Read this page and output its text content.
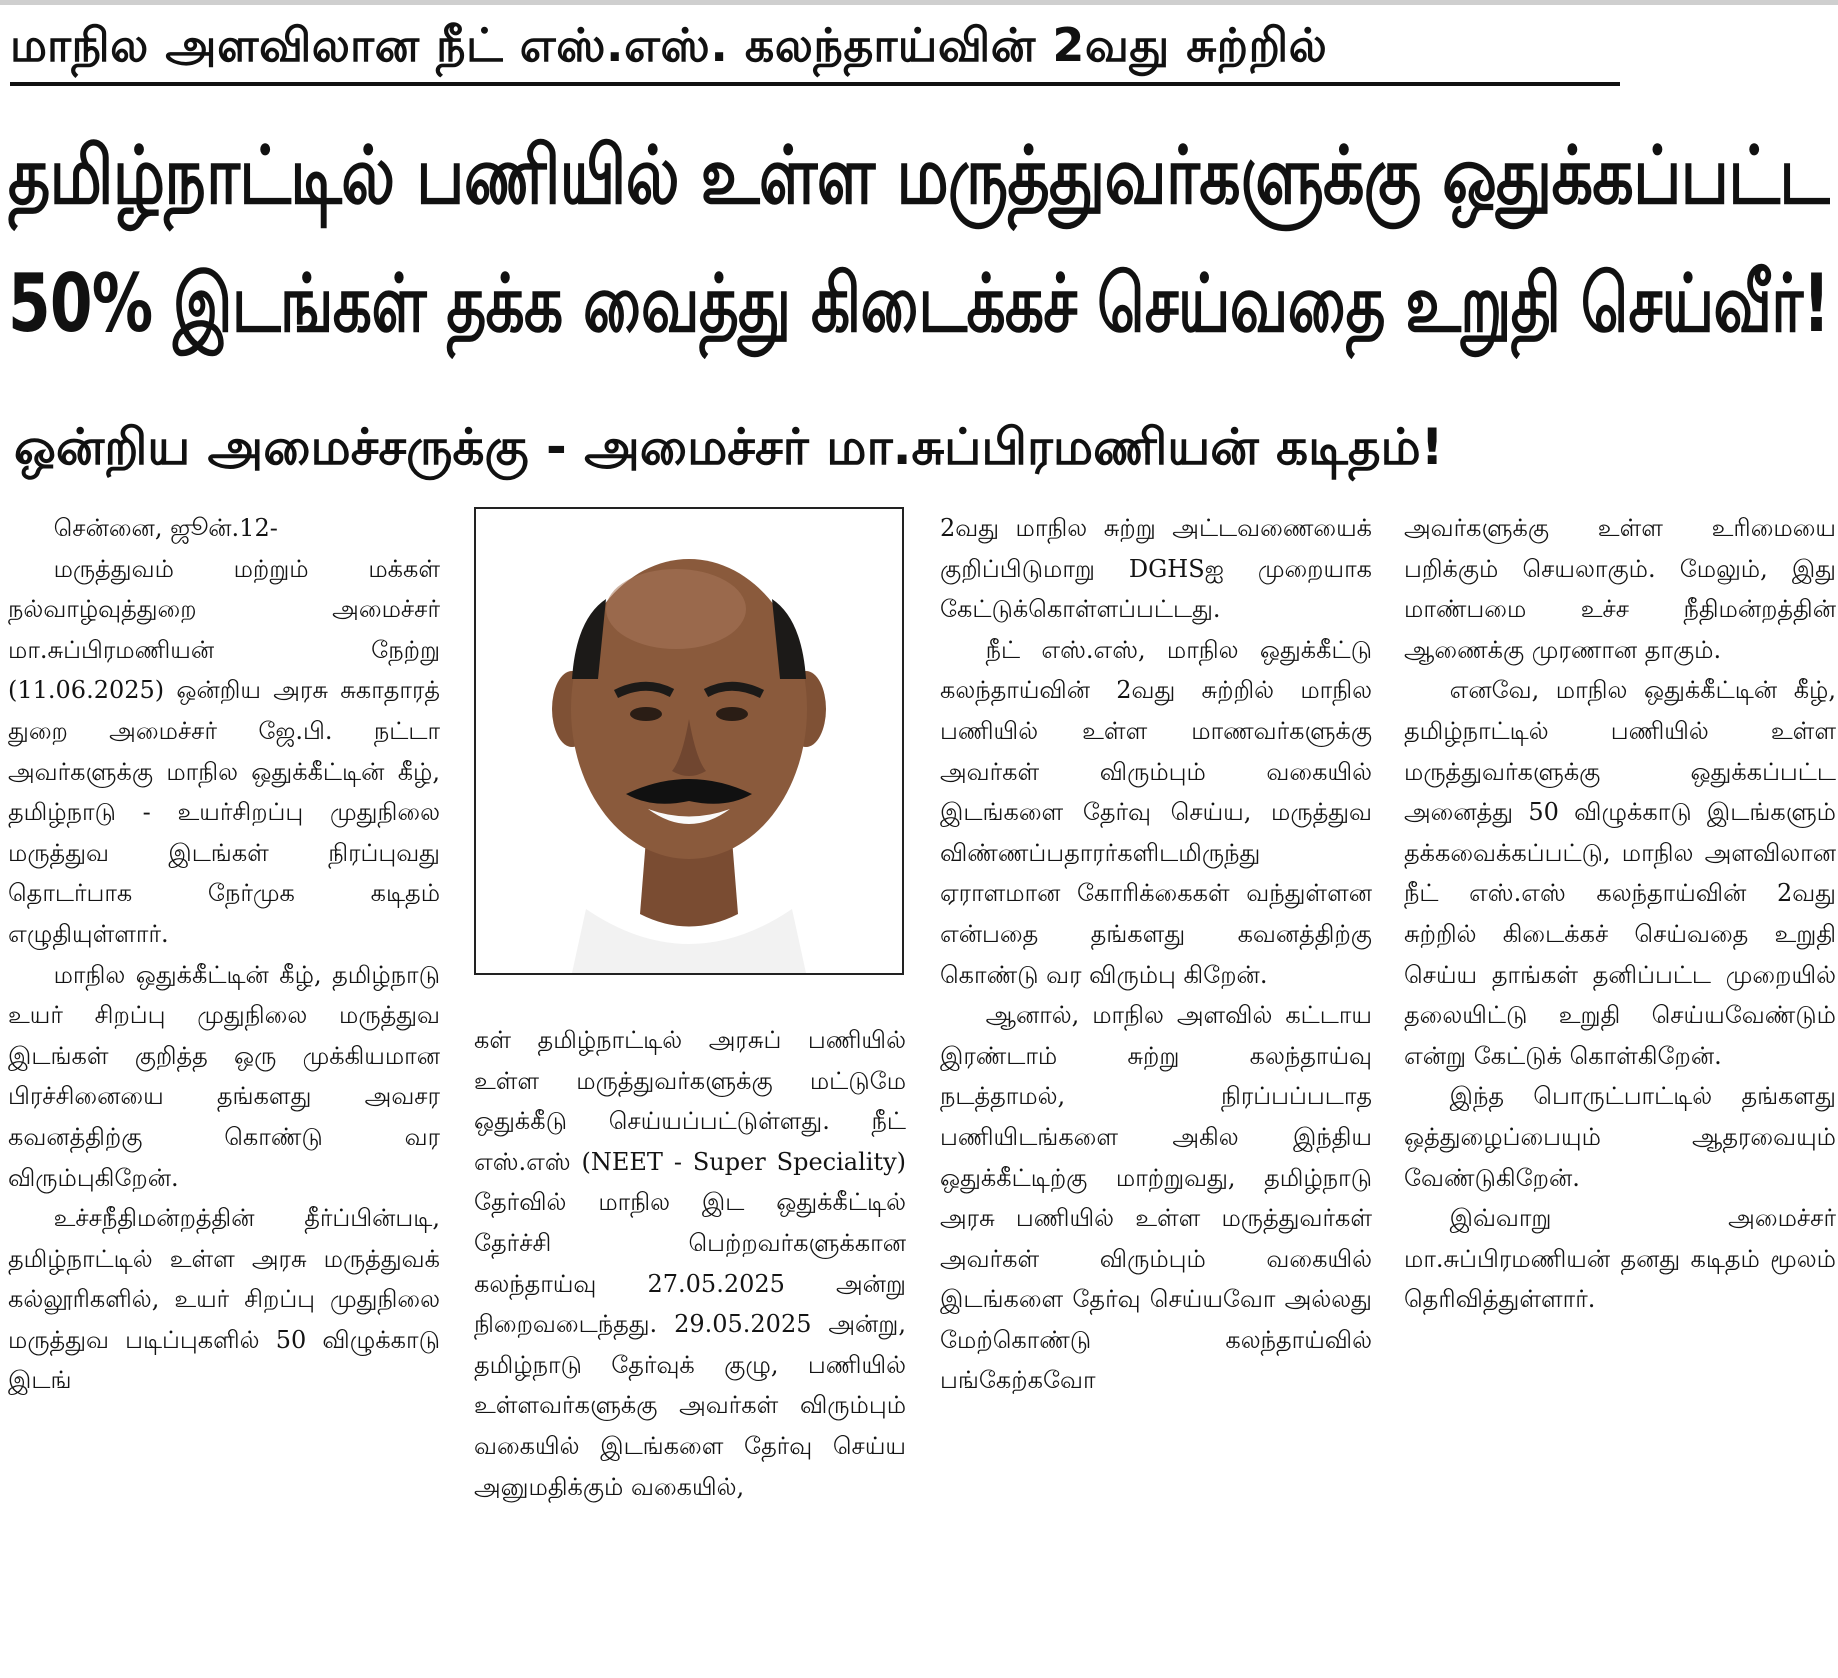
மாநில அளவிலான நீட் எஸ்.எஸ். கலந்தாய்வின் 2வது சுற்றில்
தமிழ்நாட்டில் பணியில் உள்ள மருத்துவர்களுக்கு ஒதுக்கப்பட்ட
50% இடங்கள் தக்க வைத்து கிடைக்கச் செய்வதை உறுதி செய்வீர்!
ஒன்றிய அமைச்சருக்கு - அமைச்சர் மா.சுப்பிரமணியன் கடிதம்!

சென்னை, ஜூன்.12-

மருத்துவம் மற்றும் மக்கள் நல்வாழ்வுத்துறை அமைச்சர் மா.சுப்பிரமணியன் நேற்று (11.06.2025) ஒன்றிய அரசு சுகாதாரத் துறை அமைச்சர் ஜே.பி. நட்டா அவர்களுக்கு மாநில ஒதுக்கீட்டின் கீழ், தமிழ்நாடு - உயர்சிறப்பு முதுநிலை மருத்துவ இடங்கள் நிரப்புவது தொடர்பாக நேர்முக கடிதம் எழுதியுள்ளார்.

மாநில ஒதுக்கீட்டின் கீழ், தமிழ்நாடு உயர் சிறப்பு முதுநிலை மருத்துவ இடங்கள் குறித்த ஒரு முக்கியமான பிரச்சினையை தங்களது அவசர கவனத்திற்கு கொண்டு வர விரும்புகிறேன்.

உச்சநீதிமன்றத்தின் தீர்ப்பின்படி, தமிழ்நாட்டில் உள்ள அரசு மருத்துவக் கல்லூரிகளில், உயர் சிறப்பு முதுநிலை மருத்துவ படிப்புகளில் 50 விழுக்காடு இடங்

கள் தமிழ்நாட்டில் அரசுப் பணியில் உள்ள மருத்துவர்களுக்கு மட்டுமே ஒதுக்கீடு செய்யப்பட்டுள்ளது. நீட் எஸ்.எஸ் (NEET - Super Speciality) தேர்வில் மாநில இட ஒதுக்கீட்டில் தேர்ச்சி பெற்றவர்களுக்கான கலந்தாய்வு 27.05.2025 அன்று நிறைவடைந்தது. 29.05.2025 அன்று, தமிழ்நாடு தேர்வுக் குழு, பணியில் உள்ளவர்களுக்கு அவர்கள் விரும்பும் வகையில் இடங்களை தேர்வு செய்ய அனுமதிக்கும் வகையில்,

2வது மாநில சுற்று அட்டவணையைக் குறிப்பிடுமாறு DGHSஐ முறையாக கேட்டுக்கொள்ளப்பட்டது.

நீட் எஸ்.எஸ், மாநில ஒதுக்கீட்டு கலந்தாய்வின் 2வது சுற்றில் மாநில பணியில் உள்ள மாணவர்களுக்கு அவர்கள் விரும்பும் வகையில் இடங்களை தேர்வு செய்ய, மருத்துவ விண்ணப்பதாரர்களிடமிருந்து ஏராளமான கோரிக்கைகள் வந்துள்ளன என்பதை தங்களது கவனத்திற்கு கொண்டு வர விரும்பு கிறேன்.

ஆனால், மாநில அளவில் கட்டாய இரண்டாம் சுற்று கலந்தாய்வு நடத்தாமல், நிரப்பப்படாத பணியிடங்களை அகில இந்திய ஒதுக்கீட்டிற்கு மாற்றுவது, தமிழ்நாடு அரசு பணியில் உள்ள மருத்துவர்கள் அவர்கள் விரும்பும் வகையில் இடங்களை தேர்வு செய்யவோ அல்லது மேற்கொண்டு கலந்தாய்வில் பங்கேற்கவோ

அவர்களுக்கு உள்ள உரிமையை பறிக்கும் செயலாகும். மேலும், இது மாண்பமை உச்ச நீதிமன்றத்தின் ஆணைக்கு முரணான தாகும்.

எனவே, மாநில ஒதுக்கீட்டின் கீழ், தமிழ்நாட்டில் பணியில் உள்ள மருத்துவர்களுக்கு ஒதுக்கப்பட்ட அனைத்து 50 விழுக்காடு இடங்களும் தக்கவைக்கப்பட்டு, மாநில அளவிலான நீட் எஸ்.எஸ் கலந்தாய்வின் 2வது சுற்றில் கிடைக்கச் செய்வதை உறுதி செய்ய தாங்கள் தனிப்பட்ட முறையில் தலையிட்டு உறுதி செய்யவேண்டும் என்று கேட்டுக் கொள்கிறேன்.

இந்த பொருட்பாட்டில் தங்களது ஒத்துழைப்பையும் ஆதரவையும் வேண்டுகிறேன்.

இவ்வாறு அமைச்சர் மா.சுப்பிரமணியன் தனது கடிதம் மூலம் தெரிவித்துள்ளார்.
